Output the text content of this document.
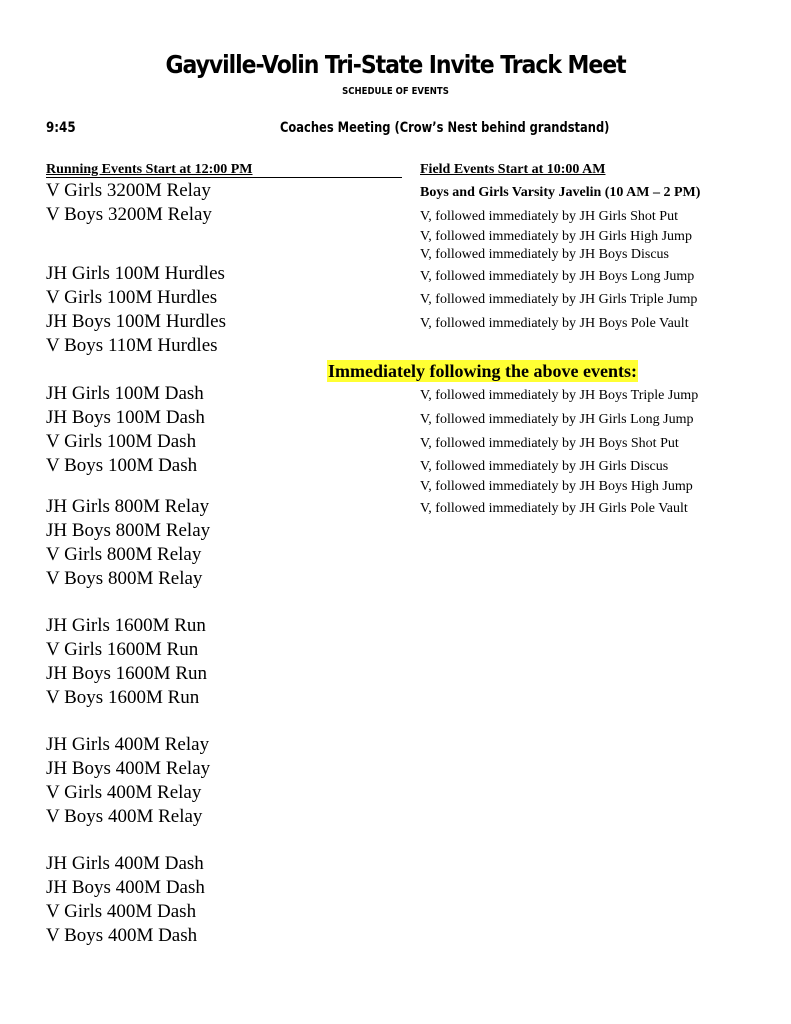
Gayville-Volin Tri-State Invite Track Meet
SCHEDULE OF EVENTS
9:45	Coaches Meeting (Crow’s Nest behind grandstand)
Running Events Start at 12:00 PM	Field Events Start at 10:00 AM
V Girls 3200M Relay
V Boys 3200M Relay
JH Girls 100M Hurdles
V Girls 100M Hurdles
JH Boys 100M Hurdles
V Boys 110M Hurdles
JH Girls 100M Dash
JH Boys 100M Dash
V Girls 100M Dash
V Boys 100M Dash
JH Girls 800M Relay
JH Boys 800M Relay
V Girls 800M Relay
V Boys 800M Relay
JH Girls 1600M Run
V Girls 1600M Run
JH Boys 1600M Run
V Boys 1600M Run
JH Girls 400M Relay
JH Boys 400M Relay
V Girls 400M Relay
V Boys 400M Relay
JH Girls 400M Dash
JH Boys 400M Dash
V Girls 400M Dash
V Boys 400M Dash
Boys and Girls Varsity Javelin (10 AM – 2 PM)
V, followed immediately by JH Girls Shot Put
V, followed immediately by JH Girls High Jump
V, followed immediately by JH Boys Discus
V, followed immediately by JH Boys Long Jump
V, followed immediately by JH Girls Triple Jump
V, followed immediately by JH Boys Pole Vault
V, followed immediately by JH Boys Triple Jump
V, followed immediately by JH Girls Long Jump
V, followed immediately by JH Boys Shot Put
V, followed immediately by JH Girls Discus
V, followed immediately by JH Boys High Jump
V, followed immediately by JH Girls Pole Vault
Immediately following the above events:
